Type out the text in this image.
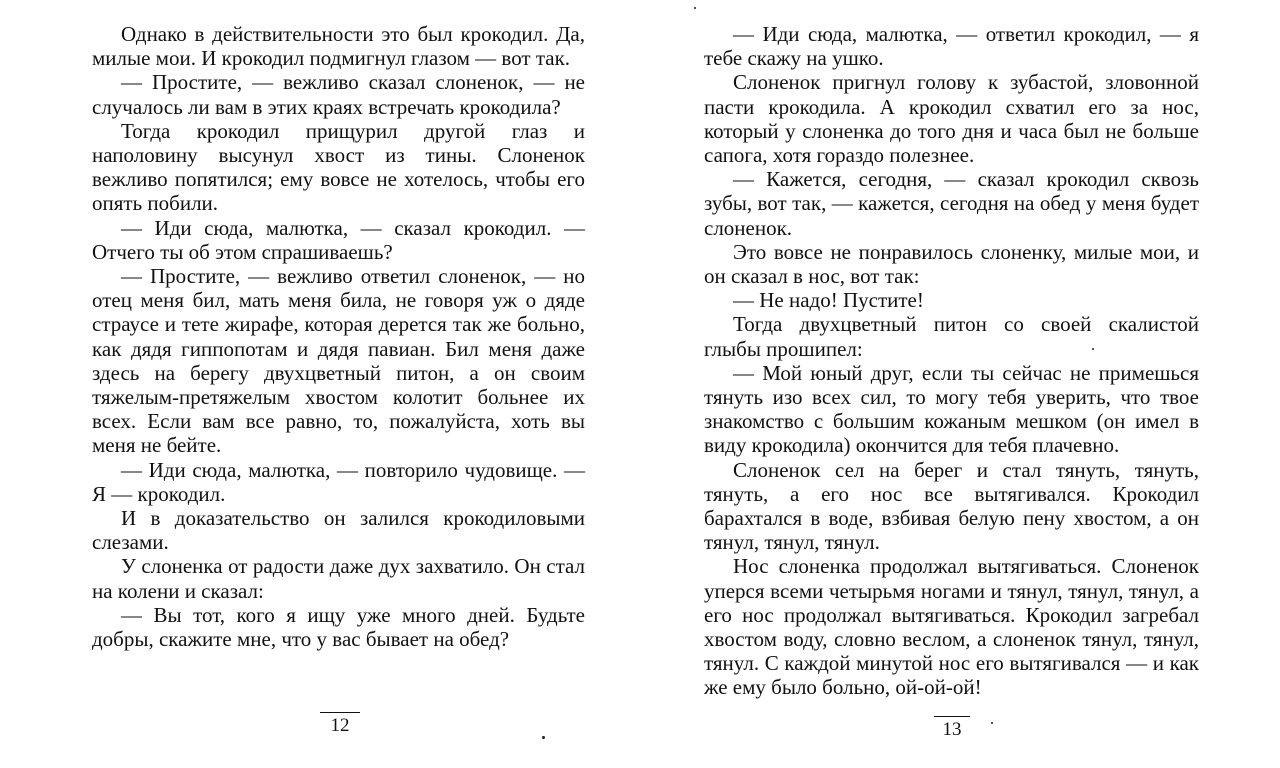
Однако в действительности это был крокодил. Да, милые мои. И крокодил подмигнул глазом — вот так.

— Простите, — вежливо сказал слоненок, — не случалось ли вам в этих краях встречать крокодила?

Тогда крокодил прищурил другой глаз и наполовину высунул хвост из тины. Слоненок вежливо попятился; ему вовсе не хотелось, чтобы его опять побили.

— Иди сюда, малютка, — сказал крокодил. — Отчего ты об этом спрашиваешь?

— Простите, — вежливо ответил слоненок, — но отец меня бил, мать меня била, не говоря уж о дяде страусе и тете жирафе, которая дерется так же больно, как дядя гиппопотам и дядя павиан. Бил меня даже здесь на берегу двухцветный питон, а он своим тяжелым-претяжелым хвостом колотит больнее их всех. Если вам все равно, то, пожалуйста, хоть вы меня не бейте.

— Иди сюда, малютка, — повторило чудовище. — Я — крокодил.

И в доказательство он залился крокодиловыми слезами.

У слоненка от радости даже дух захватило. Он стал на колени и сказал:

— Вы тот, кого я ищу уже много дней. Будьте добры, скажите мне, что у вас бывает на обед?

— Иди сюда, малютка, — ответил крокодил, — я тебе скажу на ушко.

Слоненок пригнул голову к зубастой, зловонной пасти крокодила. А крокодил схватил его за нос, который у слоненка до того дня и часа был не больше сапога, хотя гораздо полезнее.

— Кажется, сегодня, — сказал крокодил сквозь зубы, вот так, — кажется, сегодня на обед у меня будет слоненок.

Это вовсе не понравилось слоненку, милые мои, и он сказал в нос, вот так:

— Не надо! Пустите!

Тогда двухцветный питон со своей скалистой глыбы прошипел:

— Мой юный друг, если ты сейчас не примешься тянуть изо всех сил, то могу тебя уверить, что твое знакомство с большим кожаным мешком (он имел в виду крокодила) окончится для тебя плачевно.

Слоненок сел на берег и стал тянуть, тянуть, тянуть, а его нос все вытягивался. Крокодил барахтался в воде, взбивая белую пену хвостом, а он тянул, тянул, тянул.

Нос слоненка продолжал вытягиваться. Слоненок уперся всеми четырьмя ногами и тянул, тянул, тянул, а его нос продолжал вытягиваться. Крокодил загребал хвостом воду, словно веслом, а слоненок тянул, тянул, тянул. С каждой минутой нос его вытягивался — и как же ему было больно, ой-ой-ой!

12	13
